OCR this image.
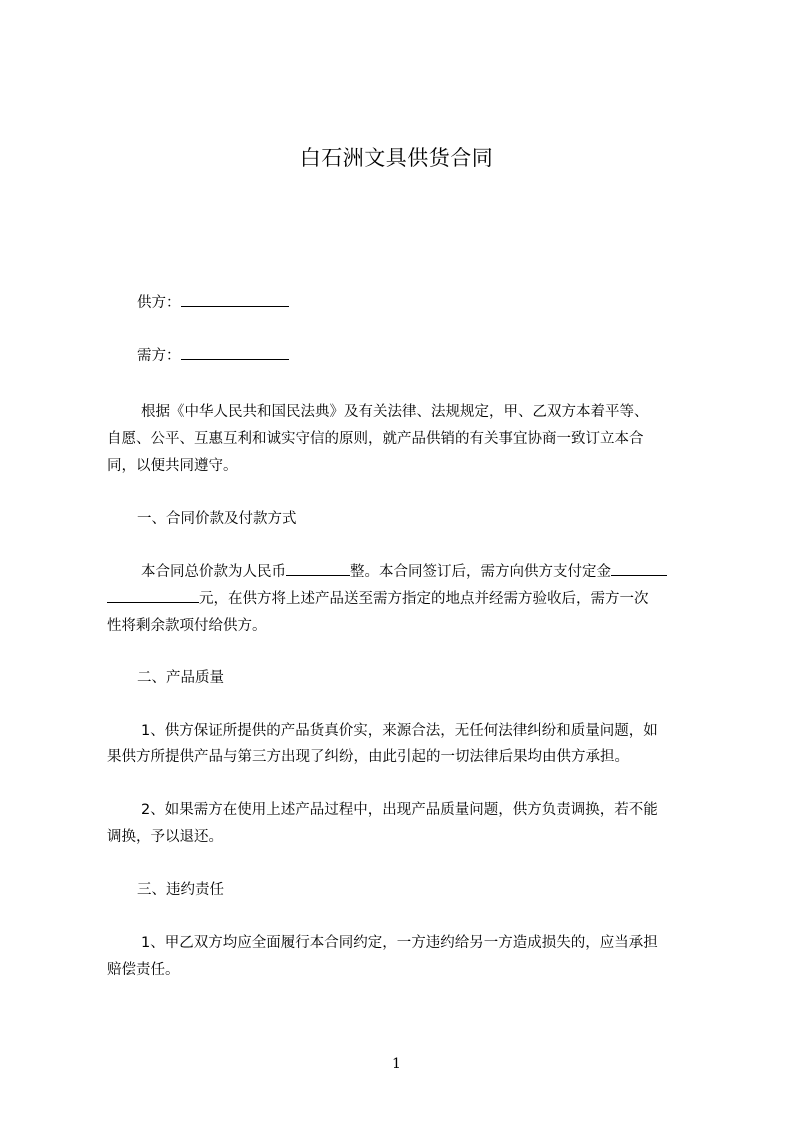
白石洲文具供货合同
供方：
需方：
根据《中华人民共和国民法典》及有关法律、法规规定，甲、乙双方本着平等、
自愿、公平、互惠互利和诚实守信的原则，就产品供销的有关事宜协商一致订立本合
同，以便共同遵守。
一、合同价款及付款方式
本合同总价款为人民币	整。本合同签订后，需方向供方支付定金
元，在供方将上述产品送至需方指定的地点并经需方验收后，需方一次
性将剩余款项付给供方。
二、产品质量
1、供方保证所提供的产品货真价实，来源合法，无任何法律纠纷和质量问题，如
果供方所提供产品与第三方出现了纠纷，由此引起的一切法律后果均由供方承担。
2、如果需方在使用上述产品过程中，出现产品质量问题，供方负责调换，若不能
调换，予以退还。
三、违约责任
1、甲乙双方均应全面履行本合同约定，一方违约给另一方造成损失的，应当承担
赔偿责任。
1
